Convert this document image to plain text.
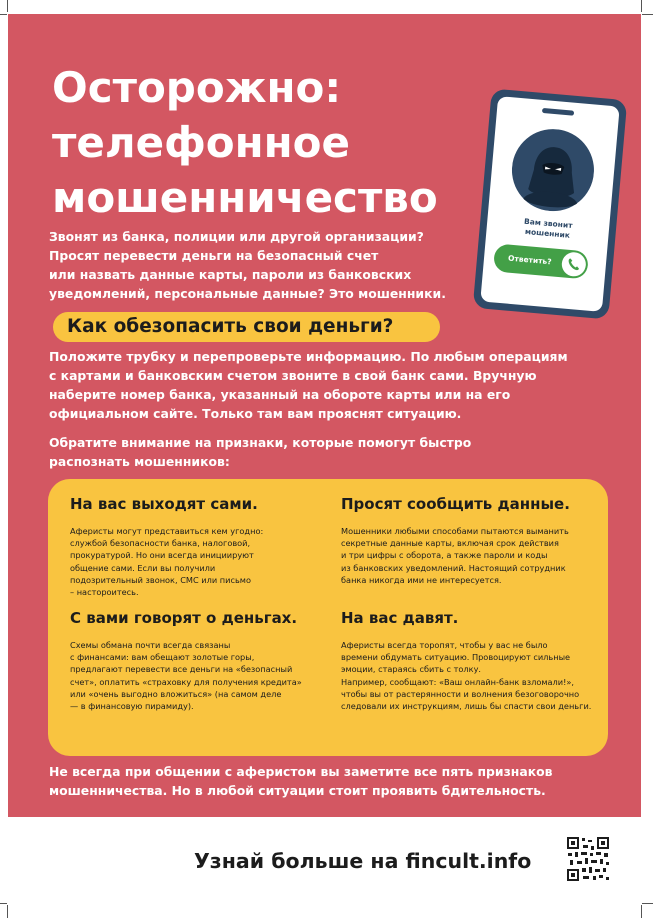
Осторожно:
телефонное
мошенничество
Вам звонит
мошенник
Ответить?
Звонят из банка, полиции или другой организации?
Просят перевести деньги на безопасный счет
или назвать данные карты, пароли из банковских
уведомлений, персональные данные? Это мошенники.
Как обезопасить свои деньги?
Положите трубку и перепроверьте информацию. По любым операциям
с картами и банковским счетом звоните в свой банк сами. Вручную
наберите номер банка, указанный на обороте карты или на его
официальном сайте. Только там вам прояснят ситуацию.
Обратите внимание на признаки, которые помогут быстро
распознать мошенников:
На вас выходят сами.
Аферисты могут представиться кем угодно:
службой безопасности банка, налоговой,
прокуратурой. Но они всегда инициируют
общение сами. Если вы получили
подозрительный звонок, СМС или письмо
– настороитесь.
Просят сообщить данные.
Мошенники любыми способами пытаются выманить
секретные данные карты, включая срок действия
и три цифры с оборота, а также пароли и коды
из банковских уведомлений. Настоящий сотрудник
банка никогда ими не интересуется.
С вами говорят о деньгах.
Схемы обмана почти всегда связаны
с финансами: вам обещают золотые горы,
предлагают перевести все деньги на «безопасный
счет», оплатить «страховку для получения кредита»
или «очень выгодно вложиться» (на самом деле
— в финансовую пирамиду).
На вас давят.
Аферисты всегда торопят, чтобы у вас не было
времени обдумать ситуацию. Провоцируют сильные
эмоции, стараясь сбить с толку.
Например, сообщают: «Ваш онлайн-банк взломали!»,
чтобы вы от растерянности и волнения безоговорочно
следовали их инструкциям, лишь бы спасти свои деньги.
Не всегда при общении с аферистом вы заметите все пять признаков
мошенничества. Но в любой ситуации стоит проявить бдительность.
Узнай больше на fincult.info
